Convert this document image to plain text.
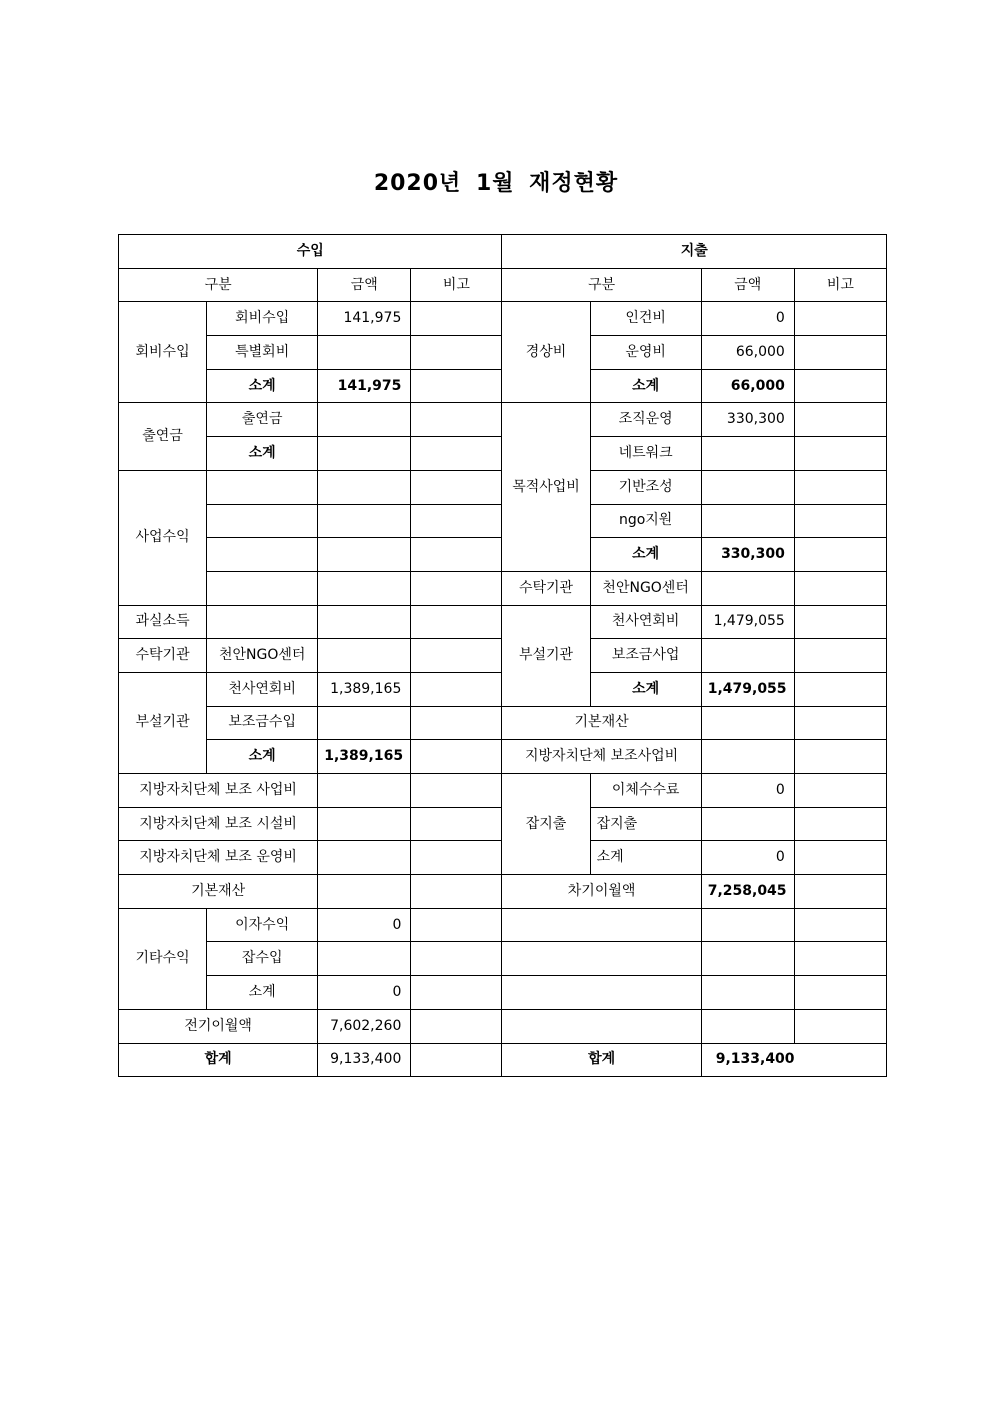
2020년 1월 재정현황
수입				지출			
구분		금액	비고	구분		금액	비고
회비수입	회비수입	141,975		경상비	인건비	0	
	특별회비				운영비	66,000	
	소계	141,975			소계	66,000	
출연금	출연금			목적사업비	조직운영	330,300	
	소계				네트워크		
사업수익					기반조성		
					ngo지원		
					소계	330,300	
				수탁기관	천안NGO센터		
과실소득				부설기관	천사연회비	1,479,055	
수탁기관	천안NGO센터				보조금사업		
부설기관	천사연회비	1,389,165			소계	1,479,055	
	보조금수입			기본재산			
	소계	1,389,165		지방자치단체 보조사업비			
지방자치단체 보조 사업비				잡지출	이체수수료	0	
지방자치단체 보조 시설비					잡지출		
지방자치단체 보조 운영비					소계	0	
기본재산				차기이월액		7,258,045	
기타수익	이자수익	0					
	잡수입						
	소계	0					
전기이월액		7,602,260					
합계		9,133,400		합계		9,133,400	
